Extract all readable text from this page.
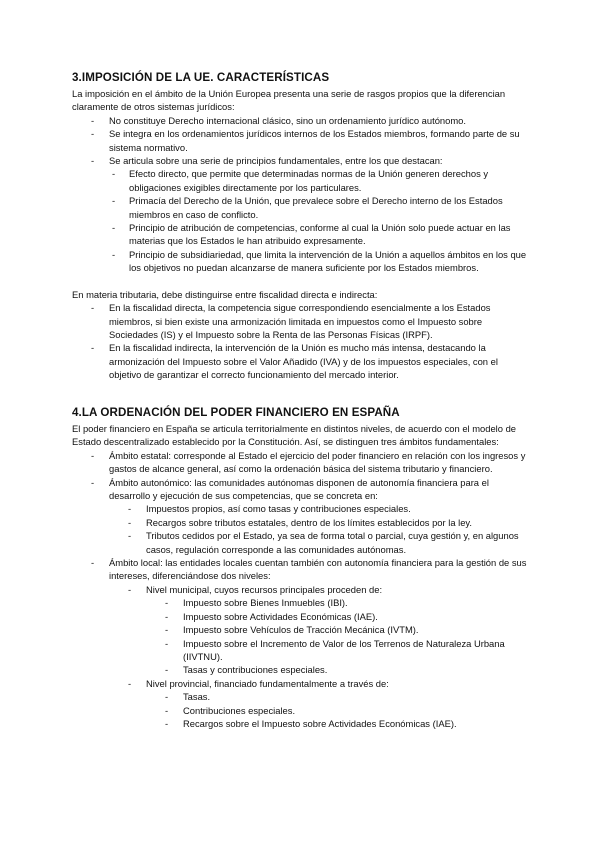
3.IMPOSICIÓN DE LA UE. CARACTERÍSTICAS

La imposición en el ámbito de la Unión Europea presenta una serie de rasgos propios que la diferencian claramente de otros sistemas jurídicos:

- No constituye Derecho internacional clásico, sino un ordenamiento jurídico autónomo.
- Se integra en los ordenamientos jurídicos internos de los Estados miembros, formando parte de su sistema normativo.
- Se articula sobre una serie de principios fundamentales, entre los que destacan:
- Efecto directo, que permite que determinadas normas de la Unión generen derechos y obligaciones exigibles directamente por los particulares.
- Primacía del Derecho de la Unión, que prevalece sobre el Derecho interno de los Estados miembros en caso de conflicto.
- Principio de atribución de competencias, conforme al cual la Unión solo puede actuar en las materias que los Estados le han atribuido expresamente.
- Principio de subsidiariedad, que limita la intervención de la Unión a aquellos ámbitos en los que los objetivos no puedan alcanzarse de manera suficiente por los Estados miembros.

En materia tributaria, debe distinguirse entre fiscalidad directa e indirecta:

- En la fiscalidad directa, la competencia sigue correspondiendo esencialmente a los Estados miembros, si bien existe una armonización limitada en impuestos como el Impuesto sobre Sociedades (IS) y el Impuesto sobre la Renta de las Personas Físicas (IRPF).
- En la fiscalidad indirecta, la intervención de la Unión es mucho más intensa, destacando la armonización del Impuesto sobre el Valor Añadido (IVA) y de los impuestos especiales, con el objetivo de garantizar el correcto funcionamiento del mercado interior.
4.LA ORDENACIÓN DEL PODER FINANCIERO EN ESPAÑA

El poder financiero en España se articula territorialmente en distintos niveles, de acuerdo con el modelo de Estado descentralizado establecido por la Constitución. Así, se distinguen tres ámbitos fundamentales:

- Ámbito estatal: corresponde al Estado el ejercicio del poder financiero en relación con los ingresos y gastos de alcance general, así como la ordenación básica del sistema tributario y financiero.
- Ámbito autonómico: las comunidades autónomas disponen de autonomía financiera para el desarrollo y ejecución de sus competencias, que se concreta en:
- Impuestos propios, así como tasas y contribuciones especiales.
- Recargos sobre tributos estatales, dentro de los límites establecidos por la ley.
- Tributos cedidos por el Estado, ya sea de forma total o parcial, cuya gestión y, en algunos casos, regulación corresponde a las comunidades autónomas.
- Ámbito local: las entidades locales cuentan también con autonomía financiera para la gestión de sus intereses, diferenciándose dos niveles:
- Nivel municipal, cuyos recursos principales proceden de:
- Impuesto sobre Bienes Inmuebles (IBI).
- Impuesto sobre Actividades Económicas (IAE).
- Impuesto sobre Vehículos de Tracción Mecánica (IVTM).
- Impuesto sobre el Incremento de Valor de los Terrenos de Naturaleza Urbana (IIVTNU).
- Tasas y contribuciones especiales.
- Nivel provincial, financiado fundamentalmente a través de:
- Tasas.
- Contribuciones especiales.
- Recargos sobre el Impuesto sobre Actividades Económicas (IAE).
